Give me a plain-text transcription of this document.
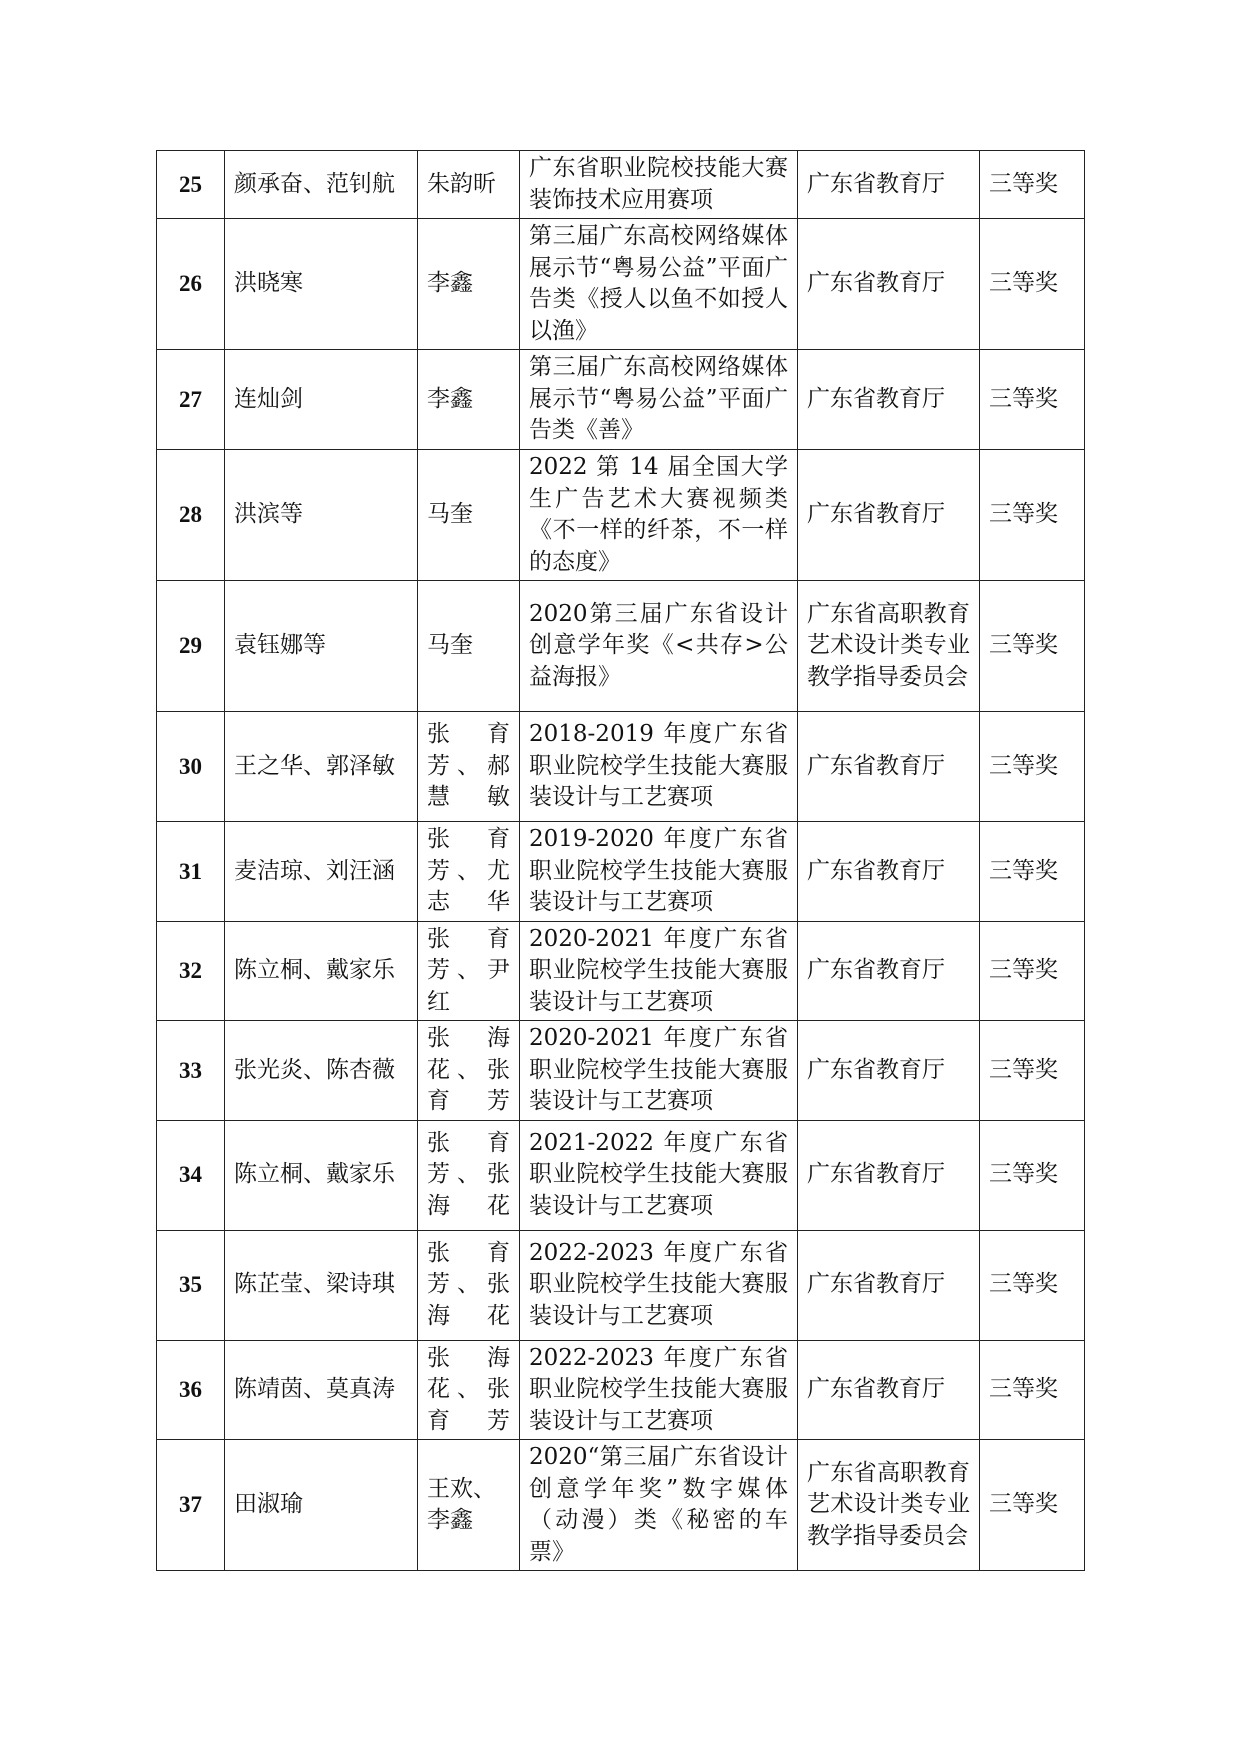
25	颜承奋、范钊航	朱韵昕	广东省职业院校技能大赛装饰技术应用赛项	广东省教育厅	三等奖
26	洪晓寒	李鑫	第三届广东高校网络媒体展示节“粤易公益”平面广告类《授人以鱼不如授人以渔》	广东省教育厅	三等奖
27	连灿剑	李鑫	第三届广东高校网络媒体展示节“粤易公益”平面广告类《善》	广东省教育厅	三等奖
28	洪滨等	马奎	2022 第 14 届全国大学生广告艺术大赛视频类《不一样的纤茶，不一样的态度》	广东省教育厅	三等奖
29	袁钰娜等	马奎	2020第三届广东省设计创意学年奖《<共存>公益海报》	广东省高职教育艺术设计类专业教学指导委员会	三等奖
30	王之华、郭泽敏	张育芳、郝慧敏	2018-2019 年度广东省职业院校学生技能大赛服装设计与工艺赛项	广东省教育厅	三等奖
31	麦洁琼、刘汪涵	张育芳、尤志华	2019-2020 年度广东省职业院校学生技能大赛服装设计与工艺赛项	广东省教育厅	三等奖
32	陈立桐、戴家乐	张育芳、尹红	2020-2021 年度广东省职业院校学生技能大赛服装设计与工艺赛项	广东省教育厅	三等奖
33	张光炎、陈杏薇	张海花、张育芳	2020-2021 年度广东省职业院校学生技能大赛服装设计与工艺赛项	广东省教育厅	三等奖
34	陈立桐、戴家乐	张育芳、张海花	2021-2022 年度广东省职业院校学生技能大赛服装设计与工艺赛项	广东省教育厅	三等奖
35	陈芷莹、梁诗琪	张育芳、张海花	2022-2023 年度广东省职业院校学生技能大赛服装设计与工艺赛项	广东省教育厅	三等奖
36	陈靖茵、莫真涛	张海花、张育芳	2022-2023 年度广东省职业院校学生技能大赛服装设计与工艺赛项	广东省教育厅	三等奖
37	田淑瑜	王欢、李鑫	2020“第三届广东省设计创意学年奖”数字媒体（动漫）类《秘密的车票》	广东省高职教育艺术设计类专业教学指导委员会	三等奖
